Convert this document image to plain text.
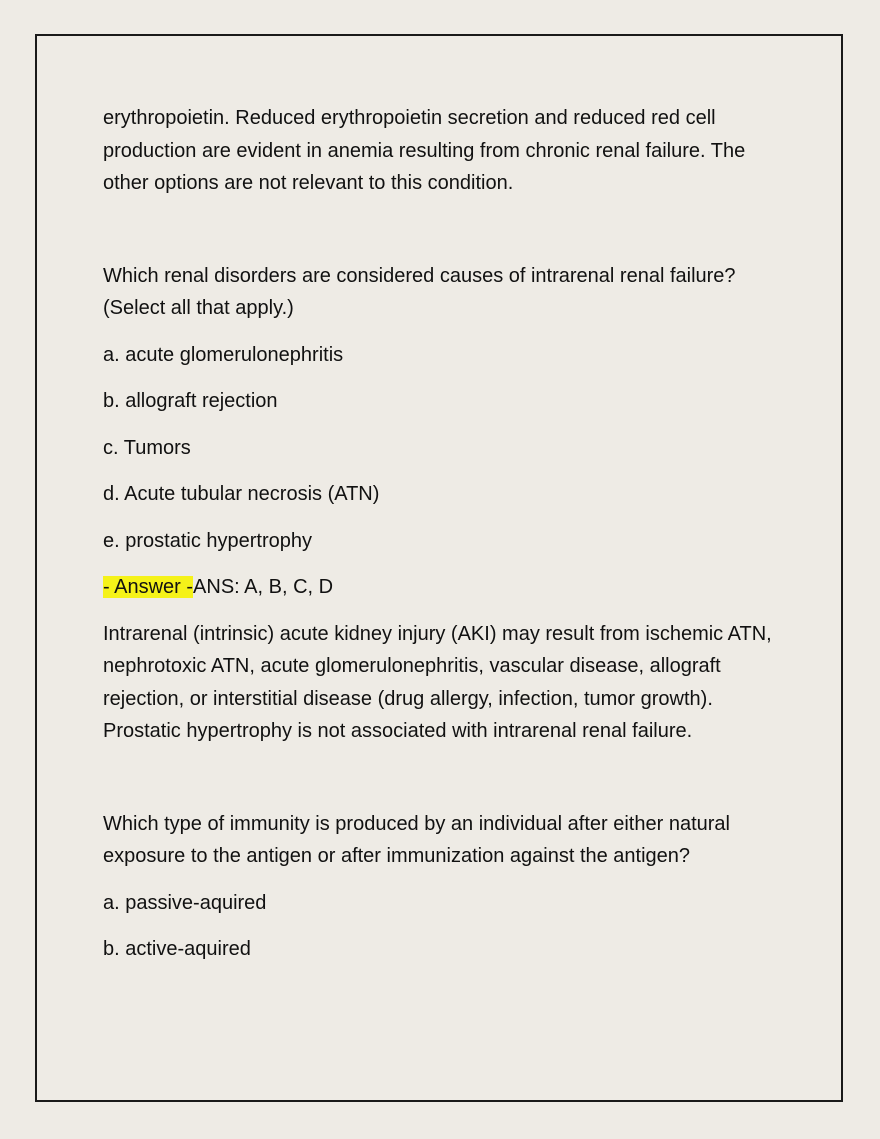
erythropoietin. Reduced erythropoietin secretion and reduced red cell production are evident in anemia resulting from chronic renal failure. The other options are not relevant to this condition.

Which renal disorders are considered causes of intrarenal renal failure? (Select all that apply.)

a. acute glomerulonephritis

b. allograft rejection

c. Tumors

d. Acute tubular necrosis (ATN)

e. prostatic hypertrophy

- Answer -ANS: A, B, C, D

Intrarenal (intrinsic) acute kidney injury (AKI) may result from ischemic ATN, nephrotoxic ATN, acute glomerulonephritis, vascular disease, allograft rejection, or interstitial disease (drug allergy, infection, tumor growth). Prostatic hypertrophy is not associated with intrarenal renal failure.

Which type of immunity is produced by an individual after either natural exposure to the antigen or after immunization against the antigen?

a. passive-aquired

b. active-aquired
